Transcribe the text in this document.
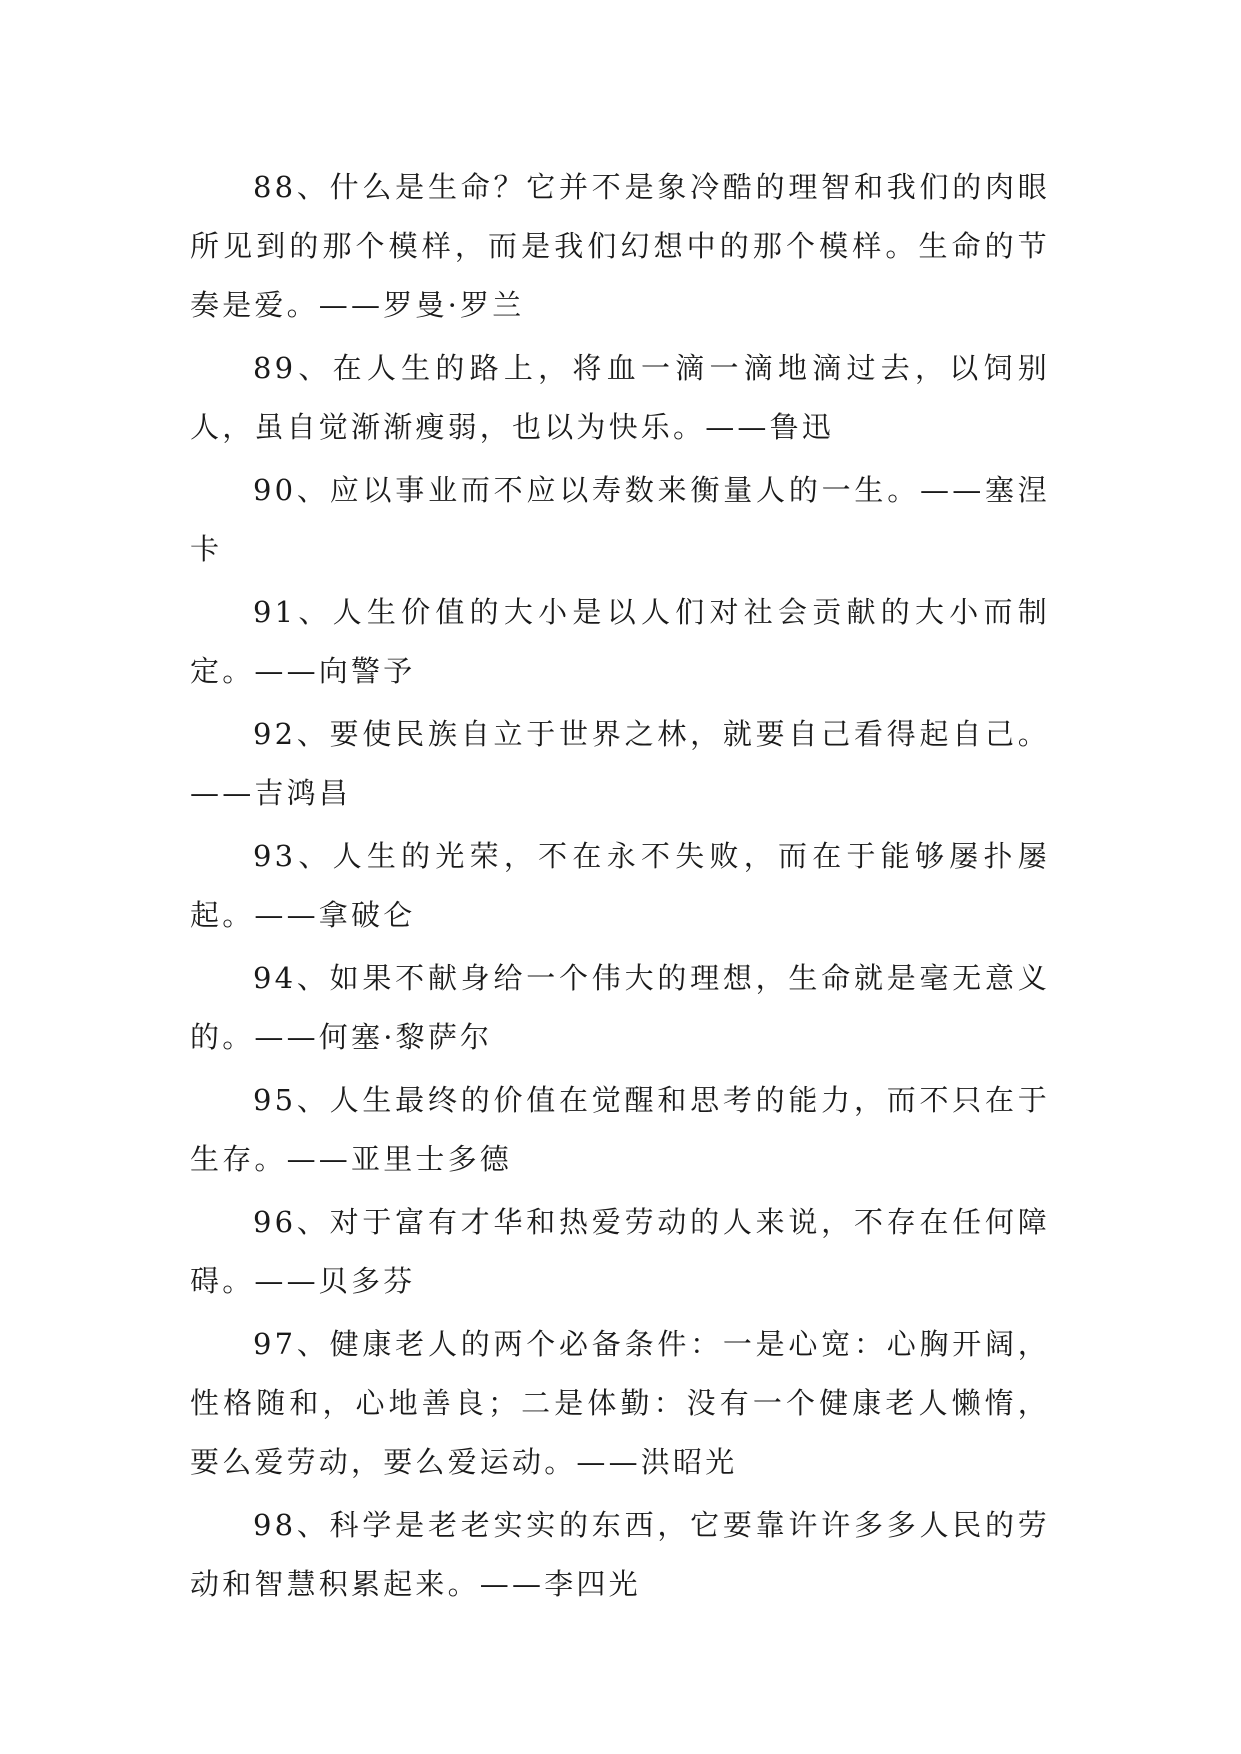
88、什么是生命？它并不是象冷酷的理智和我们的肉眼所见到的那个模样，而是我们幻想中的那个模样。生命的节奏是爱。——罗曼·罗兰

89、在人生的路上，将血一滴一滴地滴过去，以饲别人，虽自觉渐渐瘦弱，也以为快乐。——鲁迅

90、应以事业而不应以寿数来衡量人的一生。——塞涅卡

91、人生价值的大小是以人们对社会贡献的大小而制定。——向警予

92、要使民族自立于世界之林，就要自己看得起自己。——吉鸿昌

93、人生的光荣，不在永不失败，而在于能够屡扑屡起。——拿破仑

94、如果不献身给一个伟大的理想，生命就是毫无意义的。——何塞·黎萨尔

95、人生最终的价值在觉醒和思考的能力，而不只在于生存。——亚里士多德

96、对于富有才华和热爱劳动的人来说，不存在任何障碍。——贝多芬

97、健康老人的两个必备条件：一是心宽：心胸开阔，性格随和，心地善良；二是体勤：没有一个健康老人懒惰，要么爱劳动，要么爱运动。——洪昭光

98、科学是老老实实的东西，它要靠许许多多人民的劳动和智慧积累起来。——李四光
